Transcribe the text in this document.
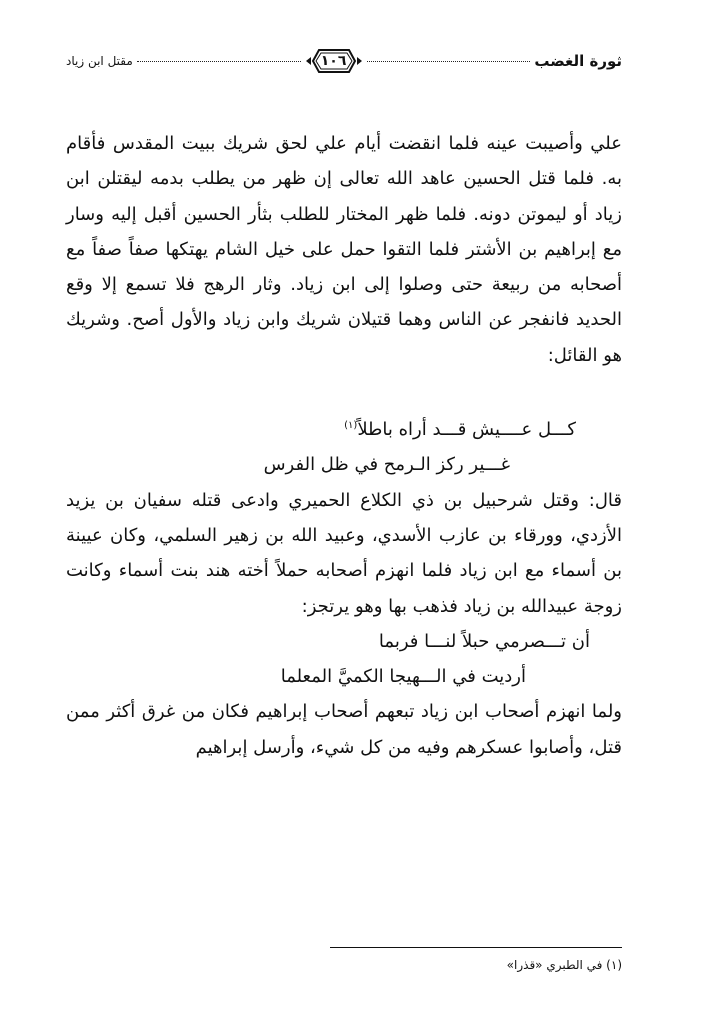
ثورة الغضب
١٠٦
مقتل ابن زياد

علي وأصيبت عينه فلما انقضت أيام علي لحق شريك ببيت المقدس فأقام به. فلما قتل الحسين عاهد الله تعالى إن ظهر من يطلب بدمه ليقتلن ابن زياد أو ليموتن دونه. فلما ظهر المختار للطلب بثأر الحسين أقبل إليه وسار مع إبراهيم بن الأشتر فلما التقوا حمل على خيل الشام يهتكها صفاً صفاً مع أصحابه من ربيعة حتى وصلوا إلى ابن زياد. وثار الرهج فلا تسمع إلا وقع الحديد فانفجر عن الناس وهما قتيلان شريك وابن زياد والأول أصح. وشريك هو القائل:

كـــل عــــيش قـــد أراه باطلاً$^{(١)}$

غـــير ركز الـرمح في ظل الفرس

قال: وقتل شرحبيل بن ذي الكلاع الحميري وادعى قتله سفيان بن يزيد الأزدي، وورقاء بن عازب الأسدي، وعبيد الله بن زهير السلمي، وكان عيينة بن أسماء مع ابن زياد فلما انهزم أصحابه حملاً أخته هند بنت أسماء وكانت زوجة عبيدالله بن زياد فذهب بها وهو يرتجز:

أن تـــصرمي حبلاً لنـــا فربما

أرديت في الـــهيجا الكميَّ المعلما

ولما انهزم أصحاب ابن زياد تبعهم أصحاب إبراهيم فكان من غرق أكثر ممن قتل، وأصابوا عسكرهم وفيه من كل شيء، وأرسل إبراهيم

(١) في الطبري «قذرا»
